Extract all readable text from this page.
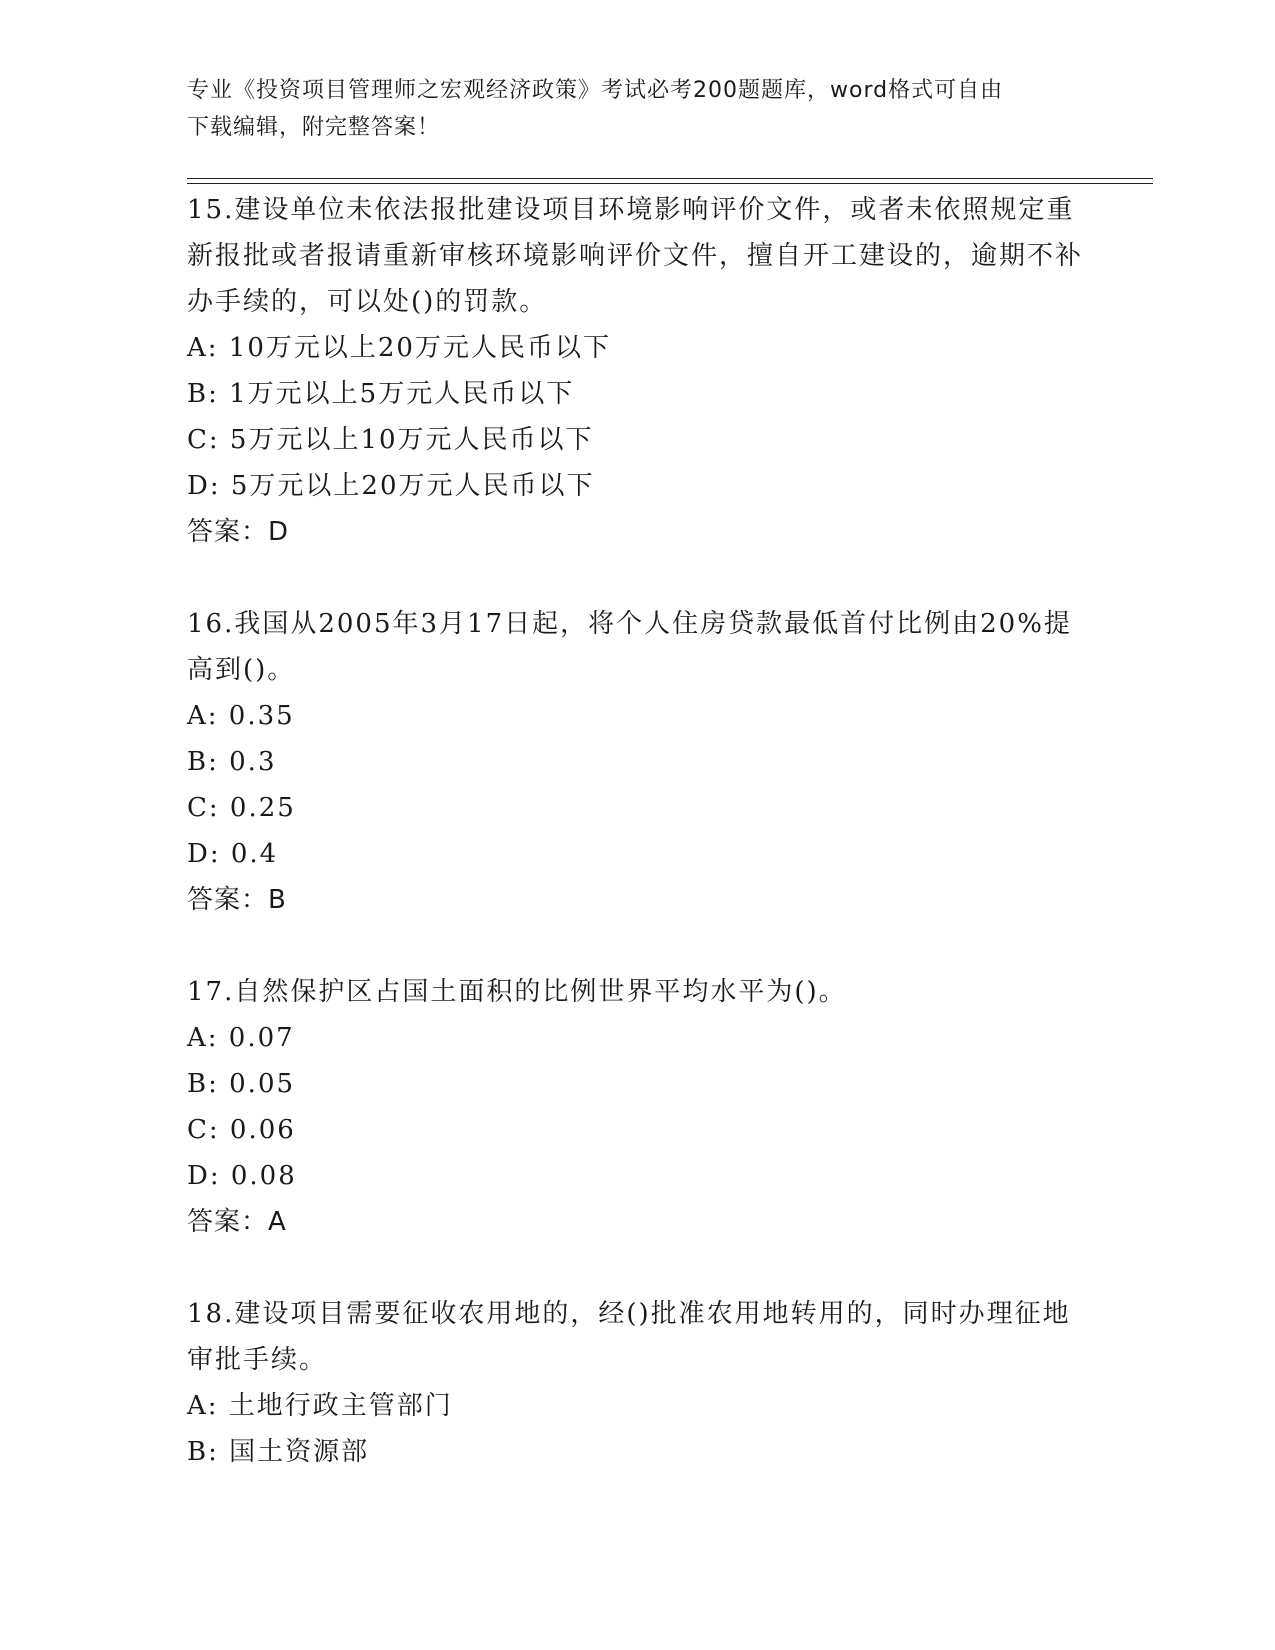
专业《投资项目管理师之宏观经济政策》考试必考200题题库，word格式可自由
下载编辑，附完整答案！

15.建设单位未依法报批建设项目环境影响评价文件，或者未依照规定重新报批或者报请重新审核环境影响评价文件，擅自开工建设的，逾期不补办手续的，可以处()的罚款。

A: 10万元以上20万元人民币以下

B: 1万元以上5万元人民币以下

C: 5万元以上10万元人民币以下

D: 5万元以上20万元人民币以下

答案：D

16.我国从2005年3月17日起，将个人住房贷款最低首付比例由20%提高到()。

A: 0.35

B: 0.3

C: 0.25

D: 0.4

答案：B

17.自然保护区占国土面积的比例世界平均水平为()。

A: 0.07

B: 0.05

C: 0.06

D: 0.08

答案：A

18.建设项目需要征收农用地的，经()批准农用地转用的，同时办理征地审批手续。

A: 土地行政主管部门

B: 国土资源部
